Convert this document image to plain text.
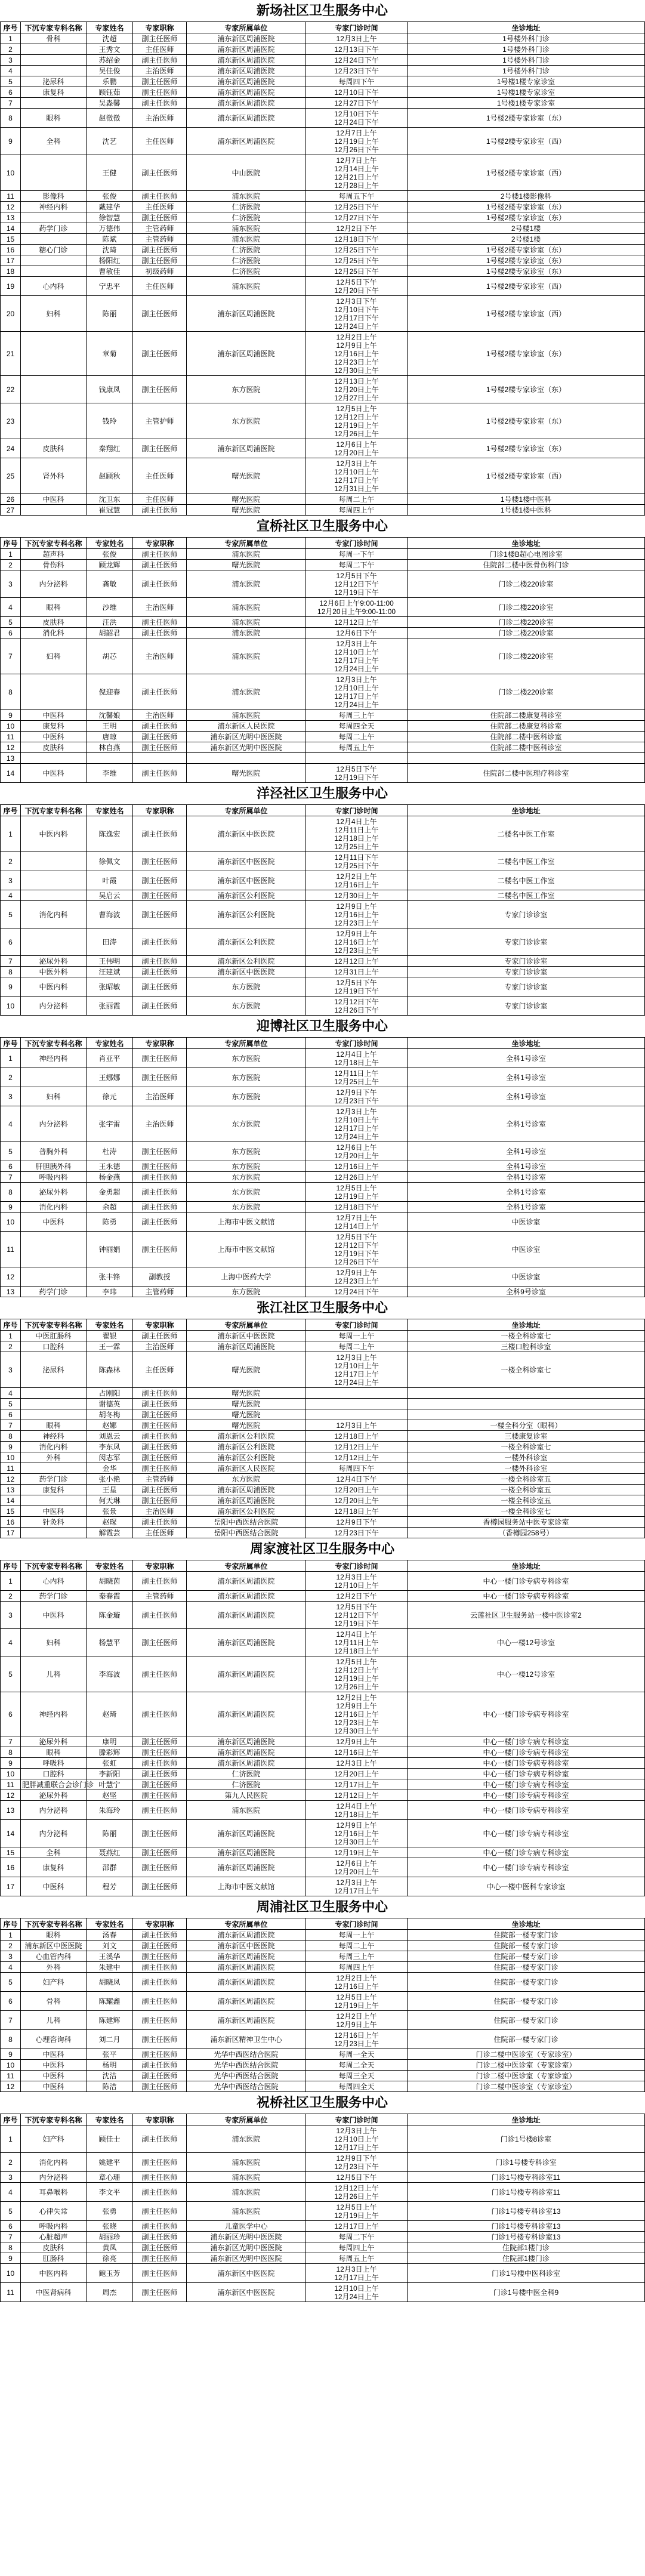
新场社区卫生服务中心
序号	下沉专家专科名称	专家姓名	专家职称	专家所属单位	专家门诊时间	坐诊地址
1	骨科	沈超	副主任医师	浦东新区周浦医院	12月3日上午	1号楼外科门诊
2		王秀文	主任医师	浦东新区周浦医院	12月13日下午	1号楼外科门诊
3		苏绍金	副主任医师	浦东新区周浦医院	12月24日下午	1号楼外科门诊
4		吴佳俊	主治医师	浦东新区周浦医院	12月23日下午	1号楼外科门诊
5	泌尿科	乐鹏	副主任医师	浦东新区周浦医院	每周四下午	1号楼1楼专家诊室
6	康复科	顾钰茹	副主任医师	浦东新区周浦医院	12月10日下午	1号楼1楼专家诊室
7		吴淼馨	副主任医师	浦东新区周浦医院	12月27日下午	1号楼1楼专家诊室
8	眼科	赵徵徵	主治医师	浦东新区周浦医院	12月10日下午
12月24日下午	1号楼2楼专家诊室（东）
9	全科	沈艺	主任医师	浦东新区周浦医院	12月7日上午
12月19日上午
12月26日下午	1号楼2楼专家诊室（西）
10		王健	副主任医师	中山医院	12月7日上午
12月14日上午
12月21日上午
12月28日上午	1号楼2楼专家诊室（西）
11	影像科	张俊	副主任医师	浦东医院	每周五下午	2号楼1楼影像科
12	神经内科	戴建华	主任医师	仁济医院	12月25日下午	1号楼2楼专家诊室（东）
13		徐智慧	副主任医师	仁济医院	12月27日下午	1号楼2楼专家诊室（东）
14	药学门诊	万德伟	主管药师	浦东医院	12月2日下午	2号楼1楼
15		陈斌	主管药师	浦东医院	12月18日下午	2号楼1楼
16	糖心门诊	沈琦	副主任医师	仁济医院	12月25日下午	1号楼2楼专家诊室（东）
17		杨阳红	副主任医师	仁济医院	12月25日下午	1号楼2楼专家诊室（东）
18		曹敏佳	初级药师	仁济医院	12月25日下午	1号楼2楼专家诊室（东）
19	心内科	宁忠平	主任医师	浦东医院	12月5日下午
12月20日下午	1号楼2楼专家诊室（西）
20	妇科	陈丽	副主任医师	浦东新区周浦医院	12月3日下午
12月10日下午
12月17日下午
12月24日上午	1号楼2楼专家诊室（西）
21		章菊	副主任医师	浦东新区周浦医院	12月2日上午
12月9日上午
12月16日上午
12月23日上午
12月30日上午	1号楼2楼专家诊室（东）
22		钱康凤	副主任医师	东方医院	12月13日上午
12月20日上午
12月27日上午	1号楼2楼专家诊室（东）
23		钱玲	主管护师	东方医院	12月5日上午
12月12日上午
12月19日上午
12月26日上午	1号楼2楼专家诊室（东）
24	皮肤科	秦翔红	副主任医师	浦东新区周浦医院	12月6日上午
12月20日上午	1号楼2楼专家诊室（东）
25	肾外科	赵顾秋	主任医师	曙光医院	12月3日上午
12月10日上午
12月17日上午
12月31日上午	1号楼2楼专家诊室（西）
26	中医科	沈卫东	主任医师	曙光医院	每周二上午	1号楼1楼中医科
27		崔冠慧	副主任医师	曙光医院	每周四上午	1号楼1楼中医科
宣桥社区卫生服务中心
序号	下沉专家专科名称	专家姓名	专家职称	专家所属单位	专家门诊时间	坐诊地址
1	超声科	张俊	副主任医师	浦东医院	每周一下午	门诊1楼B超心电图诊室
2	骨伤科	顾龙辉	副主任医师	曙光医院	每周二下午	住院部二楼中医骨伤科门诊
3	内分泌科	龚敏	副主任医师	浦东医院	12月5日下午
12月12日下午
12月19日下午	门诊二楼220诊室
4	眼科	沙维	主治医师	浦东医院	12月6日上午9:00-11:00
12月20日上午9:00-11:00	门诊二楼220诊室
5	皮肤科	汪洪	副主任医师	浦东医院	12月12日上午	门诊二楼220诊室
6	消化科	胡韶君	副主任医师	浦东医院	12月6日下午	门诊二楼220诊室
7	妇科	胡芯	主治医师	浦东医院	12月3日上午
12月10日上午
12月17日上午
12月24日上午	门诊二楼220诊室
8		倪迎春	副主任医师	浦东医院	12月3日上午
12月10日上午
12月17日上午
12月24日上午	门诊二楼220诊室
9	中医科	沈馨娘	主治医师	浦东医院	每周三上午	住院部二楼康复科诊室
10	康复科	王明	副主任医师	浦东新区人民医院	每周四全天	住院部二楼康复科诊室
11	中医科	唐琼	副主任医师	浦东新区光明中医医院	每周二上午	住院部二楼中医科诊室
12	皮肤科	林自燕	副主任医师	浦东新区光明中医医院	每周五上午	住院部二楼中医科诊室
13						
14	中医科	李维	副主任医师	曙光医院	12月5日下午
12月19日下午	住院部二楼中医理疗科诊室
洋泾社区卫生服务中心
序号	下沉专家专科名称	专家姓名	专家职称	专家所属单位	专家门诊时间	坐诊地址
1	中医内科	陈逸宏	副主任医师	浦东新区中医医院	12月4日上午
12月11日上午
12月18日上午
12月25日上午	二楼名中医工作室
2		徐佩文	副主任医师	浦东新区中医医院	12月11日下午
12月25日下午	二楼名中医工作室
3		叶霞	副主任医师	浦东新区中医医院	12月2日上午
12月16日上午	二楼名中医工作室
4		吴启云	副主任医师	浦东新区公利医院	12月30日上午	二楼名中医工作室
5	消化内科	曹海波	副主任医师	浦东新区公利医院	12月9日上午
12月16日上午
12月23日上午	专家门诊诊室
6		田涛	副主任医师	浦东新区公利医院	12月9日上午
12月16日上午
12月23日上午	专家门诊诊室
7	泌尿外科	王伟明	副主任医师	浦东新区公利医院	12月12日上午	专家门诊诊室
8	中医外科	汪建斌	副主任医师	浦东新区中医医院	12月31日上午	专家门诊诊室
9	中医内科	张昭敏	副主任医师	东方医院	12月5日下午
12月19日下午	专家门诊诊室
10	内分泌科	张丽霞	副主任医师	东方医院	12月12日下午
12月26日下午	专家门诊诊室
迎博社区卫生服务中心
序号	下沉专家专科名称	专家姓名	专家职称	专家所属单位	专家门诊时间	坐诊地址
1	神经内科	肖亚平	副主任医师	东方医院	12月4日上午
12月18日上午	全科1号诊室
2		王娜娜	副主任医师	东方医院	12月11日上午
12月25日上午	全科1号诊室
3	妇科	徐元	主治医师	东方医院	12月9日下午
12月23日下午	全科1号诊室
4	内分泌科	张宇雷	主治医师	东方医院	12月3日上午
12月10日上午
12月17日上午
12月24日上午	全科1号诊室
5	普胸外科	杜涛	副主任医师	东方医院	12月6日上午
12月20日上午	全科1号诊室
6	肝胆胰外科	王永德	副主任医师	东方医院	12月16日上午	全科1号诊室
7	呼吸内科	杨金燕	副主任医师	东方医院	12月26日上午	全科1号诊室
8	泌尿外科	金勇超	副主任医师	东方医院	12月5日上午
12月19日上午	全科1号诊室
9	消化内科	余超	副主任医师	东方医院	12月18日下午	全科1号诊室
10	中医科	陈勇	副主任医师	上海市中医文献馆	12月7日上午
12月14日上午	中医诊室
11		钟丽娟	副主任医师	上海市中医文献馆	12月5日下午
12月12日下午
12月19日下午
12月26日下午	中医诊室
12		张丰锋	副教授	上海中医药大学	12月9日上午
12月23日上午	中医诊室
13	药学门诊	李玮	主管药师	东方医院	12月24日下午	全科9号诊室
张江社区卫生服务中心
序号	下沉专家专科名称	专家姓名	专家职称	专家所属单位	专家门诊时间	坐诊地址
1	中医肛肠科	翟银	副主任医师	浦东新区中医医院	每周一上午	一楼全科诊室七
2	口腔科	王一霖	主治医师	浦东新区周浦医院	每周二上午	三楼口腔科诊室
3	泌尿科	陈森林	主任医师	曙光医院	12月3日上午
12月10日上午
12月17日上午
12月24日上午	一楼全科诊室七
4		占刚阳	副主任医师	曙光医院		
5		谢德英	副主任医师	曙光医院		
6		胡冬梅	副主任医师	曙光医院		
7	眼科	赵娜	副主任医师	曙光医院	12月3日上午	一楼全科分室（眼科）
8	神经科	刘恩云	副主任医师	浦东新区公利医院	12月18日上午	三楼康复诊室
9	消化内科	李东凤	副主任医师	浦东新区公利医院	12月12日上午	一楼全科诊室七
10	外科	闵志军	副主任医师	浦东新区公利医院	12月12日上午	一楼外科诊室
11		金华	副主任医师	浦东新区人民医院	每周四下午	一楼外科诊室
12	药学门诊	张小艳	主管药师	东方医院	12月4日下午	一楼全科诊室五
13	康复科	王星	副主任医师	浦东新区周浦医院	12月20日上午	一楼全科诊室五
14		何天琳	副主任医师	浦东新区周浦医院	12月20日上午	一楼全科诊室五
15	中医科	张景	主治医师	浦东新区公利医院	12月18日上午	一楼全科诊室七
16	针灸科	赵琛	副主任医师	岳阳中西医结合医院	12月9日下午	香樽园服务站中医专家诊室
17		解霞芸	主任医师	岳阳中西医结合医院	12月23日下午	（香樽园258号）
周家渡社区卫生服务中心
序号	下沉专家专科名称	专家姓名	专家职称	专家所属单位	专家门诊时间	坐诊地址
1	心内科	胡晓茵	副主任医师	浦东新区周浦医院	12月3日上午
12月10日上午	中心一楼门诊专病专科诊室
2	药学门诊	秦春霞	主管药师	浦东新区周浦医院	12月2日下午	中心一楼门诊专病专科诊室
3	中医科	陈金璇	副主任医师	浦东新区周浦医院	12月5日下午
12月12日下午
12月19日下午	云莲社区卫生服务站一楼中医诊室2
4	妇科	杨慧平	副主任医师	浦东新区周浦医院	12月4日上午
12月11日上午
12月18日上午	中心一楼12号诊室
5	儿科	李海波	副主任医师	浦东新区周浦医院	12月5日上午
12月12日上午
12月19日上午
12月26日上午	中心一楼12号诊室
6	神经内科	赵琦	副主任医师	浦东新区周浦医院	12月2日上午
12月9日上午
12月16日上午
12月23日上午
12月30日上午	中心一楼门诊专病专科诊室
7	泌尿外科	康明	副主任医师	浦东新区周浦医院	12月9日上午	中心一楼门诊专病专科诊室
8	眼科	滕彩辉	副主任医师	浦东新区周浦医院	12月16日上午	中心一楼门诊专病专科诊室
9	呼吸科	张虹	副主任医师	浦东新区周浦医院	12月3日上午	中心一楼门诊专病专科诊室
10	口腔科	李新阳	副主任医师	仁济医院	12月20日上午	中心一楼门诊专病专科诊室
11	肥胖减重联合会诊门诊	叶慧宁	副主任医师	仁济医院	12月17日上午	中心一楼门诊专病专科诊室
12	泌尿外科	赵坚	副主任医师	第九人民医院	12月12日上午	中心一楼门诊专病专科诊室
13	内分泌科	朱海玲	副主任医师	浦东医院	12月4日上午
12月18日上午	中心一楼门诊专病专科诊室
14	内分泌科	陈丽	副主任医师	浦东新区周浦医院	12月9日上午
12月16日上午
12月30日上午	中心一楼门诊专病专科诊室
15	全科	聂燕红	副主任医师	浦东新区周浦医院	12月19日上午	中心一楼门诊专病专科诊室
16	康复科	邵群	副主任医师	浦东新区周浦医院	12月6日上午
12月20日上午	中心一楼门诊专病专科诊室
17	中医科	程芳	副主任医师	上海市中医文献馆	12月3日上午
12月17日上午	中心一楼中医科专家诊室
周浦社区卫生服务中心
序号	下沉专家专科名称	专家姓名	专家职称	专家所属单位	专家门诊时间	坐诊地址
1	眼科	汤春	副主任医师	浦东新区周浦医院	每周一上午	住院部一楼专家门诊
2	浦东新区中医医院	刘文	副主任医师	浦东新区中医医院	每周二上午	住院部一楼专家门诊
3	心血管内科	王溪华	副主任医师	浦东新区周浦医院	每周三上午	住院部一楼专家门诊
4	外科	朱建中	副主任医师	浦东新区周浦医院	每周四上午	住院部一楼专家门诊
5	妇产科	胡晓凤	副主任医师	浦东新区周浦医院	12月2日上午
12月16日上午	住院部一楼专家门诊
6	骨科	陈耀鑫	副主任医师	浦东新区周浦医院	12月5日上午
12月19日上午	住院部一楼专家门诊
7	儿科	陈建辉	副主任医师	浦东新区周浦医院	12月2日上午
12月9日上午	住院部一楼专家门诊
8	心理咨询科	刘二月	副主任医师	浦东新区精神卫生中心	12月16日上午
12月23日上午	住院部一楼专家门诊
9	中医科	张平	副主任医师	光华中西医结合医院	每周一全天	门诊二楼中医诊室（专家诊室）
10	中医科	杨明	副主任医师	光华中西医结合医院	每周二全天	门诊二楼中医诊室（专家诊室）
11	中医科	沈洁	副主任医师	光华中西医结合医院	每周三全天	门诊二楼中医诊室（专家诊室）
12	中医科	陈洁	副主任医师	光华中西医结合医院	每周四全天	门诊二楼中医诊室（专家诊室）
祝桥社区卫生服务中心
序号	下沉专家专科名称	专家姓名	专家职称	专家所属单位	专家门诊时间	坐诊地址
1	妇产科	顾佳士	副主任医师	浦东医院	12月3日上午
12月10日上午
12月17日上午	门诊1号楼8诊室
2	消化内科	姚建平	副主任医师	浦东医院	12月9日下午
12月23日下午	门诊1号楼专科诊室
3	内分泌科	章心珊	副主任医师	浦东医院	12月5日下午	门诊1号楼专科诊室11
4	耳鼻喉科	李文平	副主任医师	浦东医院	12月12日上午
12月26日上午	门诊1号楼专科诊室11
5	心律失常	张勇	副主任医师	浦东医院	12月5日上午
12月19日上午	门诊1号楼专科诊室13
6	呼吸内科	张晓	副主任医师	儿童医学中心	12月17日上午	门诊1号楼专科诊室13
7	心脏超声	胡丽珍	副主任医师	浦东新区光明中医医院	每周二下午	门诊1号楼专科诊室13
8	皮肤科	黄凤	副主任医师	浦东新区光明中医医院	每周四上午	住院部1楼门诊
9	肛肠科	徐亮	副主任医师	浦东新区光明中医医院	每周五上午	住院部1楼门诊
10	中医内科	鲍玉芳	副主任医师	浦东新区中医医院	12月3日上午
12月17日上午	门诊1号楼中医科诊室
11	中医肾病科	周杰	副主任医师	浦东新区中医医院	12月10日上午
12月24日上午	门诊1号楼中医全科9
